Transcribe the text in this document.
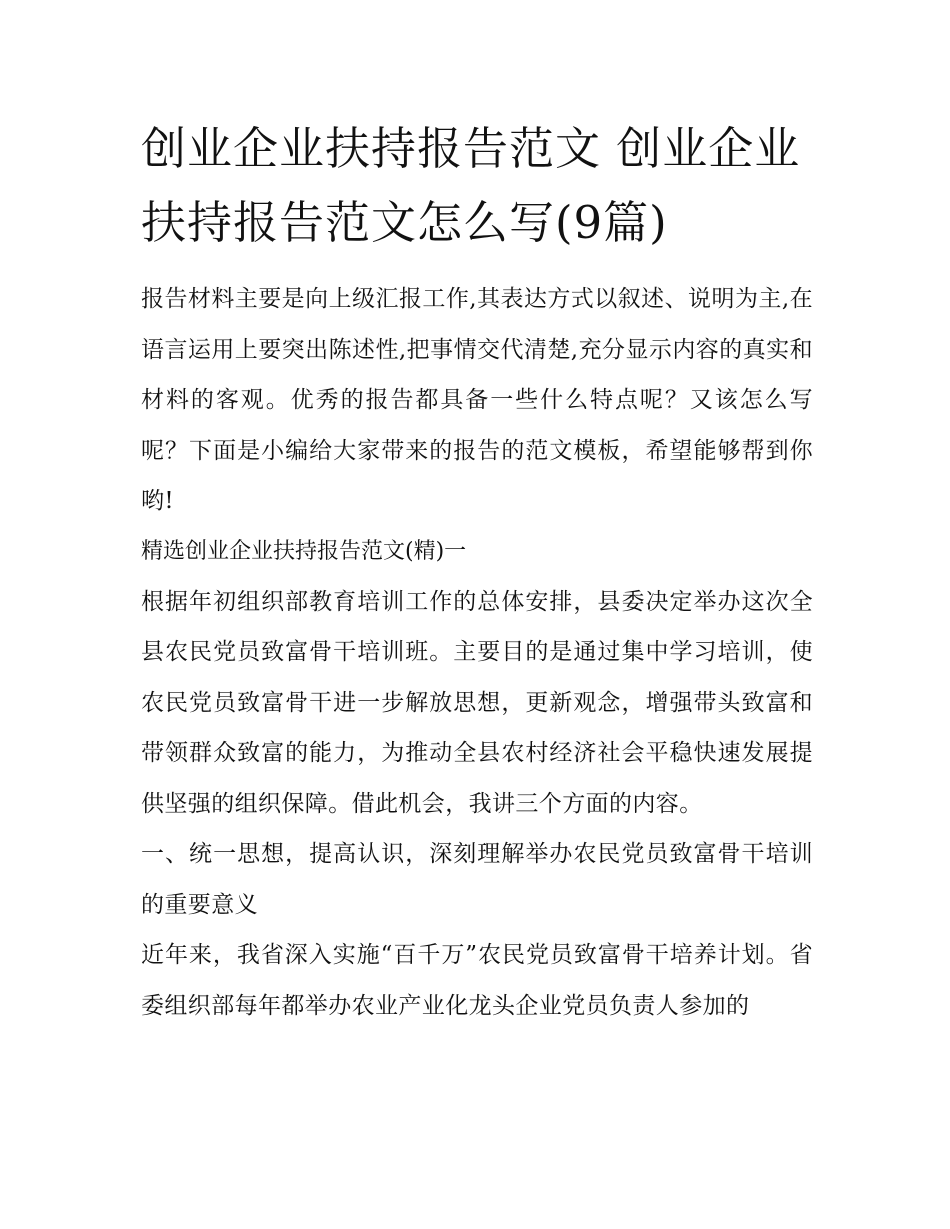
创业企业扶持报告范文 创业企业扶持报告范文怎么写(9篇)

报告材料主要是向上级汇报工作,其表达方式以叙述、说明为主,在语言运用上要突出陈述性,把事情交代清楚,充分显示内容的真实和材料的客观。优秀的报告都具备一些什么特点呢？又该怎么写呢？下面是小编给大家带来的报告的范文模板，希望能够帮到你哟!

精选创业企业扶持报告范文(精)一

根据年初组织部教育培训工作的总体安排，县委决定举办这次全县农民党员致富骨干培训班。主要目的是通过集中学习培训，使农民党员致富骨干进一步解放思想，更新观念，增强带头致富和带领群众致富的能力，为推动全县农村经济社会平稳快速发展提供坚强的组织保障。借此机会，我讲三个方面的内容。

一、统一思想，提高认识，深刻理解举办农民党员致富骨干培训的重要意义

近年来，我省深入实施“百千万”农民党员致富骨干培养计划。省委组织部每年都举办农业产业化龙头企业党员负责人参加的
